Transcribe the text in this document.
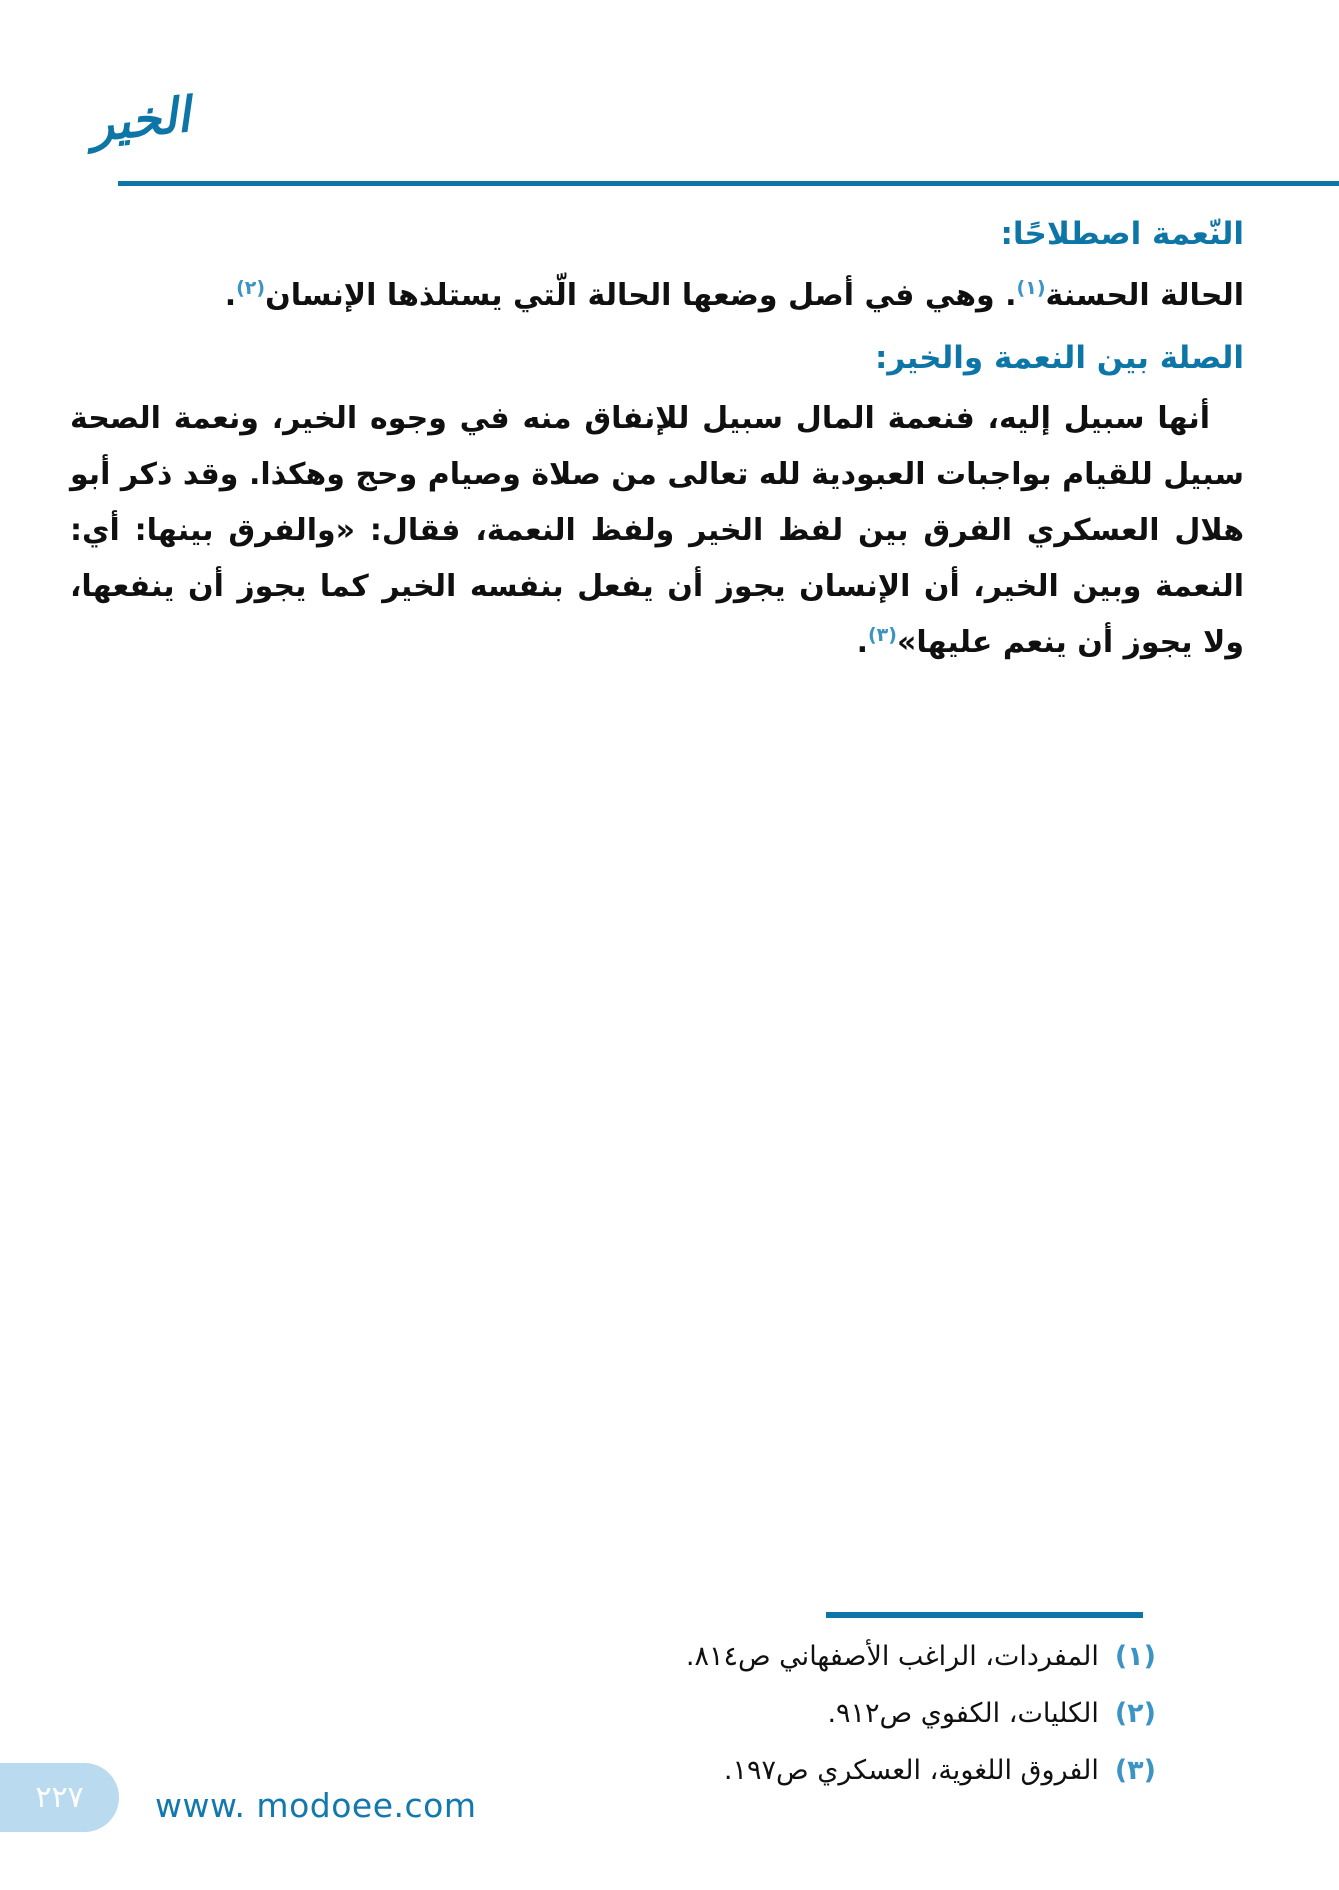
الخير
النّعمة اصطلاحًا:

الحالة الحسنة$^{(١)}$. وهي في أصل وضعها الحالة الّتي يستلذها الإنسان$^{(٢)}$.

الصلة بين النعمة والخير:

أنها سبيل إليه، فنعمة المال سبيل للإنفاق منه في وجوه الخير، ونعمة الصحة سبيل للقيام بواجبات العبودية لله تعالى من صلاة وصيام وحج وهكذا. وقد ذكر أبو هلال العسكري الفرق بين لفظ الخير ولفظ النعمة، فقال: «والفرق بينها: أي: النعمة وبين الخير، أن الإنسان يجوز أن يفعل بنفسه الخير كما يجوز أن ينفعها، ولا يجوز أن ينعم عليها»$^{(٣)}$.

(١)المفردات، الراغب الأصفهاني ص٨١٤.
(٢)الكليات، الكفوي ص٩١٢.
(٣)الفروق اللغوية، العسكري ص١٩٧.
٢٢٧	www. modoee.com
